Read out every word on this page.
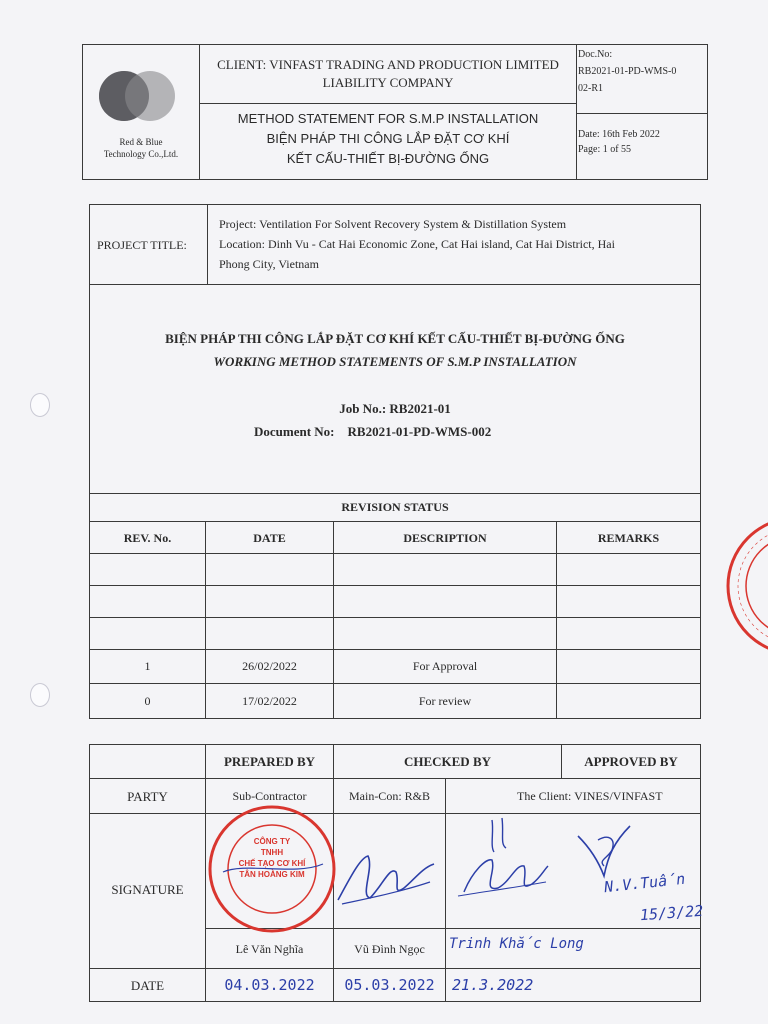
Red & Blue
Technology Co.,Ltd.
CLIENT: VINFAST TRADING AND PRODUCTION LIMITED LIABILITY COMPANY
METHOD STATEMENT FOR S.M.P INSTALLATION
BIỆN PHÁP THI CÔNG LẮP ĐẶT CƠ KHÍ
KẾT CẤU-THIẾT BỊ-ĐƯỜNG ỐNG
Doc.No:
RB2021-01-PD-WMS-0
02-R1
Date: 16th Feb 2022
Page: 1 of 55
PROJECT TITLE:
Project: Ventilation For Solvent Recovery System & Distillation System
Location: Dinh Vu - Cat Hai Economic Zone, Cat Hai island, Cat Hai District, Hai
Phong City, Vietnam
BIỆN PHÁP THI CÔNG LẮP ĐẶT CƠ KHÍ KẾT CẤU-THIẾT BỊ-ĐƯỜNG ỐNG
WORKING METHOD STATEMENTS OF S.M.P INSTALLATION
Job No.: RB2021-01
Document No: RB2021-01-PD-WMS-002
REVISION STATUS
REV. No.	DATE	DESCRIPTION	REMARKS
1	26/02/2022	For Approval
0	17/02/2022	For review
PREPARED BY	CHECKED BY	APPROVED BY
PARTY	Sub-Contractor	Main-Con: R&B	The Client: VINES/VINFAST
SIGNATURE
Lê Văn Nghĩa	Vũ Đình Ngọc	Trinh Khắc Long
DATE	04.03.2022	05.03.2022	21.3.2022
N.V.Tuấn
15/3/22
CÔNG TY
TNHH
CHẾ TẠO CƠ KHÍ
TÂN HOÀNG KIM
